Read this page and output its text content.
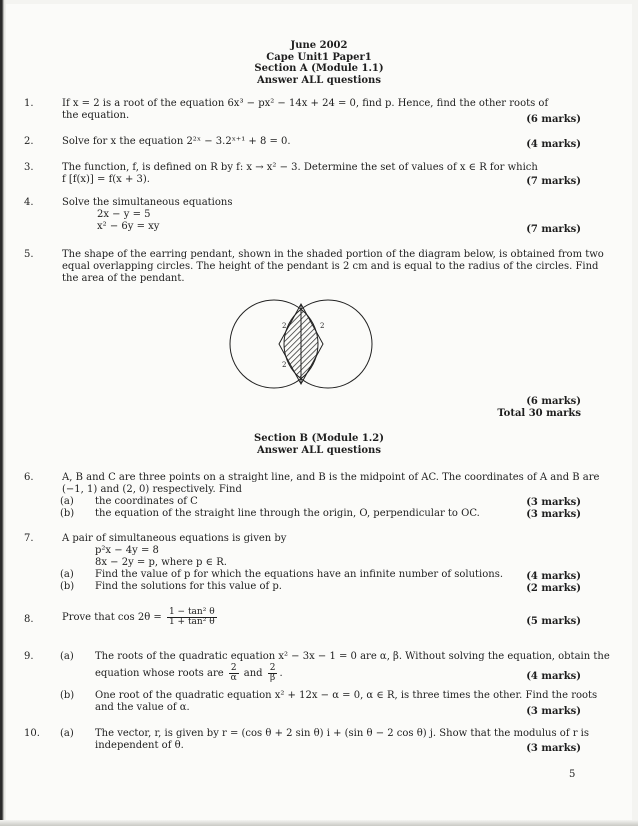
June 2002
Cape Unit1 Paper1
Section A (Module 1.1)
Answer ALL questions
1.	If x = 2 is a root of the equation 6x³ − px² − 14x + 24 = 0, find p. Hence, find the other roots of
the equation.	(6 marks)
2.	Solve for x the equation 2²ˣ − 3.2ˣ⁺¹ + 8 = 0.	(4 marks)
3.	The function, f, is defined on R by f: x → x² − 3. Determine the set of values of x ∈ R for which
f [f(x)] = f(x + 3).	(7 marks)
4.	Solve the simultaneous equations
2x − y = 5
x² − 6y = xy	(7 marks)
5.	The shape of the earring pendant, shown in the shaded portion of the diagram below, is obtained from two
equal overlapping circles. The height of the pendant is 2 cm and is equal to the radius of the circles. Find
the area of the pendant.
2	2
2
(6 marks)
Total 30 marks
Section B (Module 1.2)
Answer ALL questions
6.	A, B and C are three points on a straight line, and B is the midpoint of AC. The coordinates of A and B are
(−1, 1) and (2, 0) respectively. Find
(a) the coordinates of C	(3 marks)
(b) the equation of the straight line through the origin, O, perpendicular to OC.	(3 marks)
7.	A pair of simultaneous equations is given by
p²x − 4y = 8
8x − 2y = p, where p ∈ R.
(a) Find the value of p for which the equations have an infinite number of solutions. (4 marks)
(b) Find the solutions for this value of p.	(2 marks)
8.	Prove that $\cos 2\theta = \frac{\text{1 − tan² θ}}{\text{1 + tan² θ}}$	(5 marks)
9.	(a) The roots of the quadratic equation x² − 3x − 1 = 0 are α, β. Without solving the equation, obtain the
equation whose roots are $\frac{2}{\alpha}$ and $\frac{2}{\beta}$ .	(4 marks)
(b) One root of the quadratic equation x² + 12x − α = 0, α ∈ R, is three times the other. Find the roots
and the value of α.	(3 marks)
10. (a) The vector, r, is given by r = (cos θ + 2 sin θ) i + (sin θ − 2 cos θ) j. Show that the modulus of r is
independent of θ.	(3 marks)
5
